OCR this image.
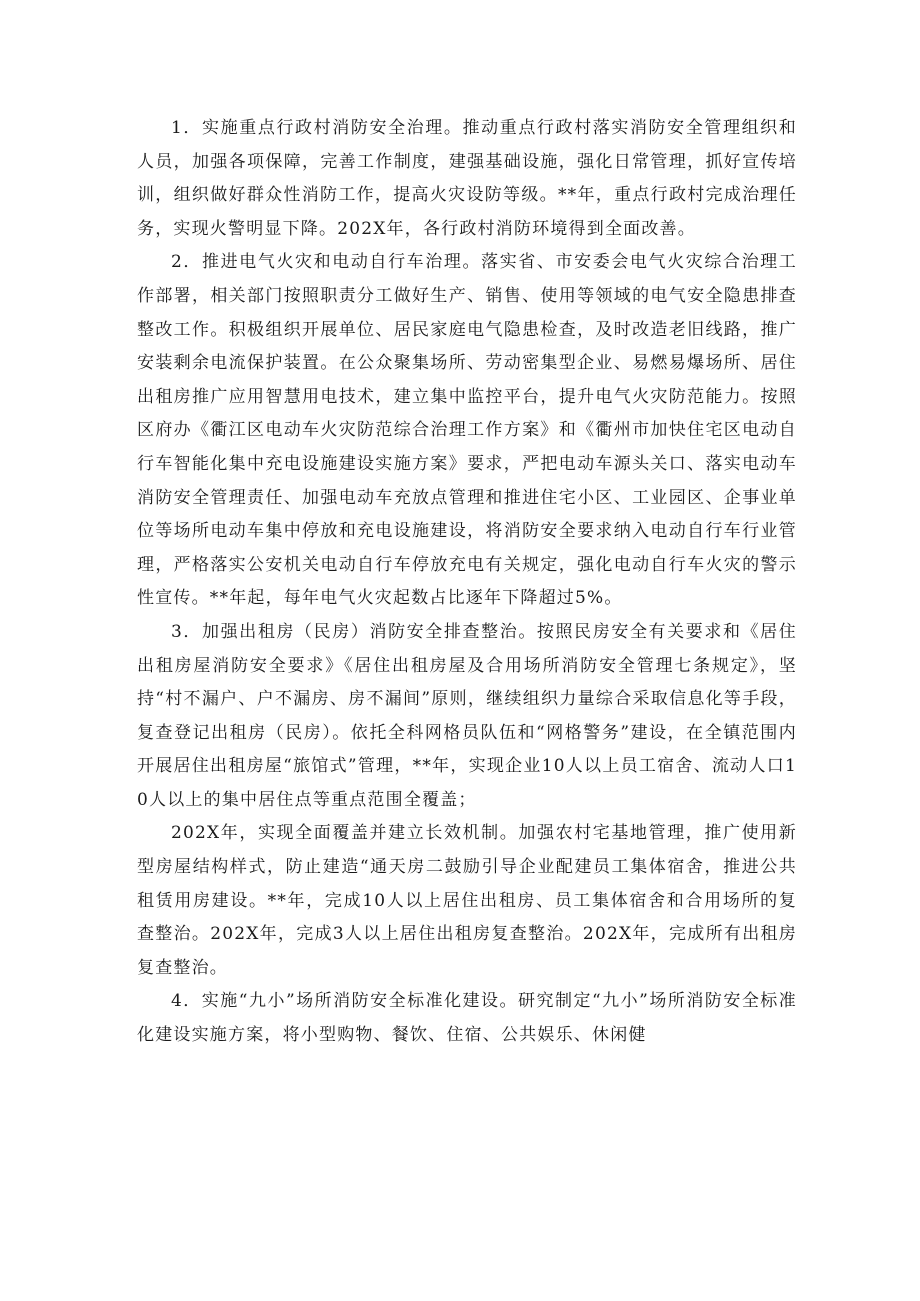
1．实施重点行政村消防安全治理。推动重点行政村落实消防安全管理组织和人员，加强各项保障，完善工作制度，建强基础设施，强化日常管理，抓好宣传培训，组织做好群众性消防工作，提高火灾设防等级。**年，重点行政村完成治理任务，实现火警明显下降。202X年，各行政村消防环境得到全面改善。

2．推进电气火灾和电动自行车治理。落实省、市安委会电气火灾综合治理工作部署，相关部门按照职责分工做好生产、销售、使用等领域的电气安全隐患排查整改工作。积极组织开展单位、居民家庭电气隐患检查，及时改造老旧线路，推广安装剩余电流保护装置。在公众聚集场所、劳动密集型企业、易燃易爆场所、居住出租房推广应用智慧用电技术，建立集中监控平台，提升电气火灾防范能力。按照区府办《衢江区电动车火灾防范综合治理工作方案》和《衢州市加快住宅区电动自行车智能化集中充电设施建设实施方案》要求，严把电动车源头关口、落实电动车消防安全管理责任、加强电动车充放点管理和推进住宅小区、工业园区、企事业单位等场所电动车集中停放和充电设施建设，将消防安全要求纳入电动自行车行业管理，严格落实公安机关电动自行车停放充电有关规定，强化电动自行车火灾的警示性宣传。**年起，每年电气火灾起数占比逐年下降超过5%。

3．加强出租房（民房）消防安全排查整治。按照民房安全有关要求和《居住出租房屋消防安全要求》《居住出租房屋及合用场所消防安全管理七条规定》，坚持“村不漏户、户不漏房、房不漏间”原则，继续组织力量综合采取信息化等手段，复查登记出租房（民房）。依托全科网格员队伍和“网格警务”建设，在全镇范围内开展居住出租房屋“旅馆式”管理，**年，实现企业10人以上员工宿舍、流动人口10人以上的集中居住点等重点范围全覆盖；

202X年，实现全面覆盖并建立长效机制。加强农村宅基地管理，推广使用新型房屋结构样式，防止建造“通天房二鼓励引导企业配建员工集体宿舍，推进公共租赁用房建设。**年，完成10人以上居住出租房、员工集体宿舍和合用场所的复查整治。202X年，完成3人以上居住出租房复查整治。202X年，完成所有出租房复查整治。

4．实施“九小”场所消防安全标准化建设。研究制定“九小”场所消防安全标准化建设实施方案，将小型购物、餐饮、住宿、公共娱乐、休闲健
